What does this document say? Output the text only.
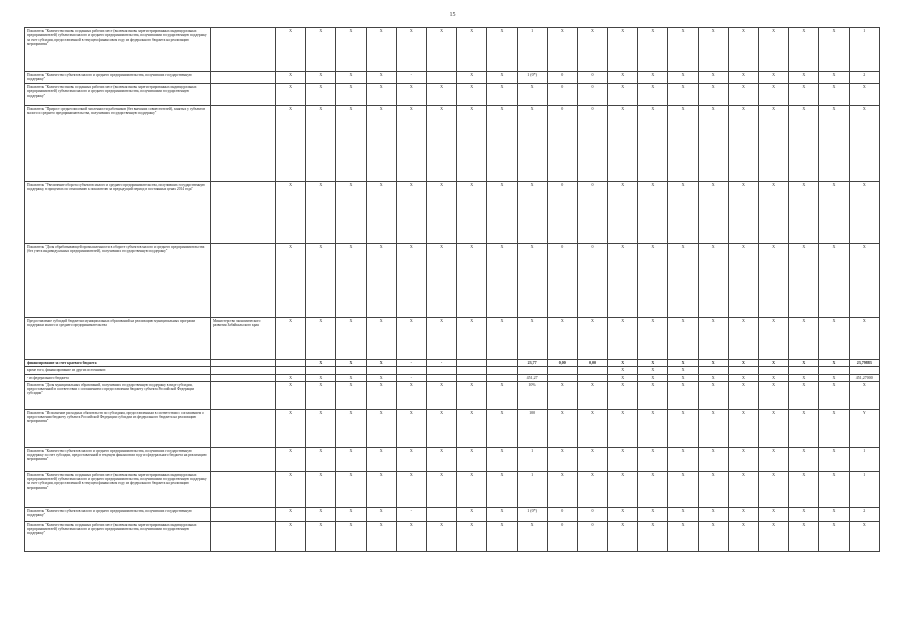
15
Показатель "Количество вновь созданных рабочих мест (включая вновь зарегистрированных индивидуальных предпринимателей) субъектами малого и среднего предпринимательства, получившими государственную поддержку за счет субсидии, предоставленной в текущем финансовом году из федерального бюджета на реализацию мероприятия"		X	X	X	X	X	X	X	X	1	X	X	X	X	X	X	X	X	X	X	1
Показатель "Количество субъектов малого и среднего предпринимательства, получивших государственную поддержку"		X	X	X	X	-		X	X	1 (0*)	0	0	X	X	X	X	X	X	X	X	2
Показатель "Количество вновь созданных рабочих мест (включая вновь зарегистрированных индивидуальных предпринимателей) субъектами малого и среднего предпринимательства, получившими государственную поддержку"		X	X	X	X	X	X	X	X	X	0	0	X	X	X	X	X	X	X	X	X
Показатель "Прирост среднесписочной численности работников (без внешних совместителей), занятых у субъектов малого и среднего предпринимательства, получивших государственную поддержку"		X	X	X	X	X	X	X	X	X	0	0	X	X	X	X	X	X	X	X	X
Показатель "Увеличение оборота субъектов малого и среднего предпринимательства, получивших государственную поддержку, в процентах по отношению к показателю за предыдущий период в постоянных ценах 2014 года"		X	X	X	X	X	X	X	X	X	0	0	X	X	X	X	X	X	X	X	X
Показатель "Доля обрабатывающей промышленности в обороте субъектов малого и среднего предпринимательства (без учета индивидуальных предпринимателей), получивших государственную поддержку"		X	X	X	X	X	X	X	X	X	0	0	X	X	X	X	X	X	X	X	X
Предоставление субсидий бюджетам муниципальных образований на реализацию муниципальных программ поддержки малого и среднего предпринимательства	Министерство экономического развития Забайкальского края	X	X	X	X	X	X	X	X	X	X	X	X	X	X	X	X	X	X	X	X
финансирование за счет краевого бюджета			X	X	X	-	-			23,77	0,00	0,00	X	X	X	X	X	X	X	X	23,79883
кроме того, финансирование из других источников:													X	X	X						
- из федерального бюджета		X	X	X	X	-				451,27			X	X	X	X	X	X	X	X	451,27000
Показатель "Доля муниципальных образований, получивших государственную поддержку в виде субсидии, предоставленной в соответствии с соглашением о предоставлении бюджету субъекта Российской Федерации субсидии"		X	X	X	X	X	X	X	X	10%	X	X	X	X	X	X	X	X	X	X	X
Показатель "Исполнение расходных обязательств по субсидиям, предоставленным в соответствии с соглашением о предоставлении бюджету субъекта Российской Федерации субсидии из федерального бюджета на реализацию мероприятия"		X	X	X	X	X	X	X	X	100	X	X	X	X	X	X	X	X	X	X	Y
Показатель "Количество субъектов малого и среднего предпринимательства, получивших государственную поддержку за счет субсидии, предоставленной в текущем финансовом году из федерального бюджета на реализацию мероприятия"		X	X	X	X	X	X	X	X	1	X	X	X	X	X	X	X	X	X	X	1
Показатель "Количество вновь созданных рабочих мест (включая вновь зарегистрированных индивидуальных предпринимателей) субъектами малого и среднего предпринимательства, получившими государственную поддержку за счет субсидии, предоставленной в текущем финансовом году из федерального бюджета на реализацию мероприятия"		X	X	X	X	X	X	X	X	1	X	X	X	X	X	X	X	X	X	X	1
Показатель "Количество субъектов малого и среднего предпринимательства, получивших государственную поддержку"		X	X	X	X	-		X	X	1 (0*)	0	0	X	X	X	X	X	X	X	X	2
Показатель "Количество вновь созданных рабочих мест (включая вновь зарегистрированных индивидуальных предпринимателей) субъектами малого и среднего предпринимательства, получившими государственную поддержку"		X	X	X	X	X	X	X	X	X	0	0	X	X	X	X	X	X	X	X	X
